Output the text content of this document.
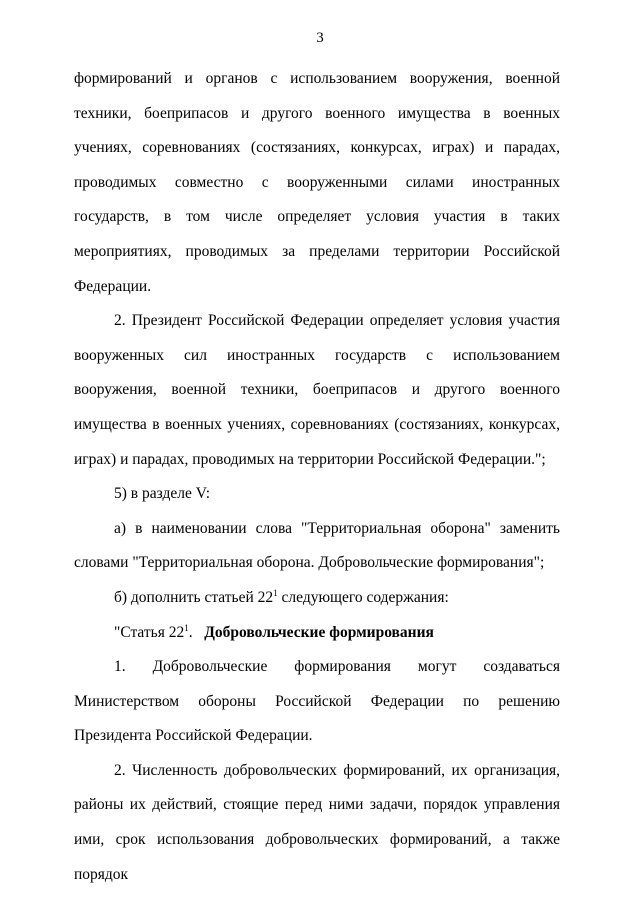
3

формирований и органов с использованием вооружения, военной техники, боеприпасов и другого военного имущества в военных учениях, соревнованиях (состязаниях, конкурсах, играх) и парадах, проводимых совместно с вооруженными силами иностранных государств, в том числе определяет условия участия в таких мероприятиях, проводимых за пределами территории Российской Федерации.

2. Президент Российской Федерации определяет условия участия вооруженных сил иностранных государств с использованием вооружения, военной техники, боеприпасов и другого военного имущества в военных учениях, соревнованиях (состязаниях, конкурсах, играх) и парадах, проводимых на территории Российской Федерации.";

5) в разделе V:

а) в наименовании слова "Территориальная оборона" заменить словами "Территориальная оборона. Добровольческие формирования";

б) дополнить статьей $22^1$ следующего содержания:

"Статья $22^1$. Добровольческие формирования

1. Добровольческие формирования могут создаваться Министерством обороны Российской Федерации по решению Президента Российской Федерации.

2. Численность добровольческих формирований, их организация, районы их действий, стоящие перед ними задачи, порядок управления ими, срок использования добровольческих формирований, а также порядок
